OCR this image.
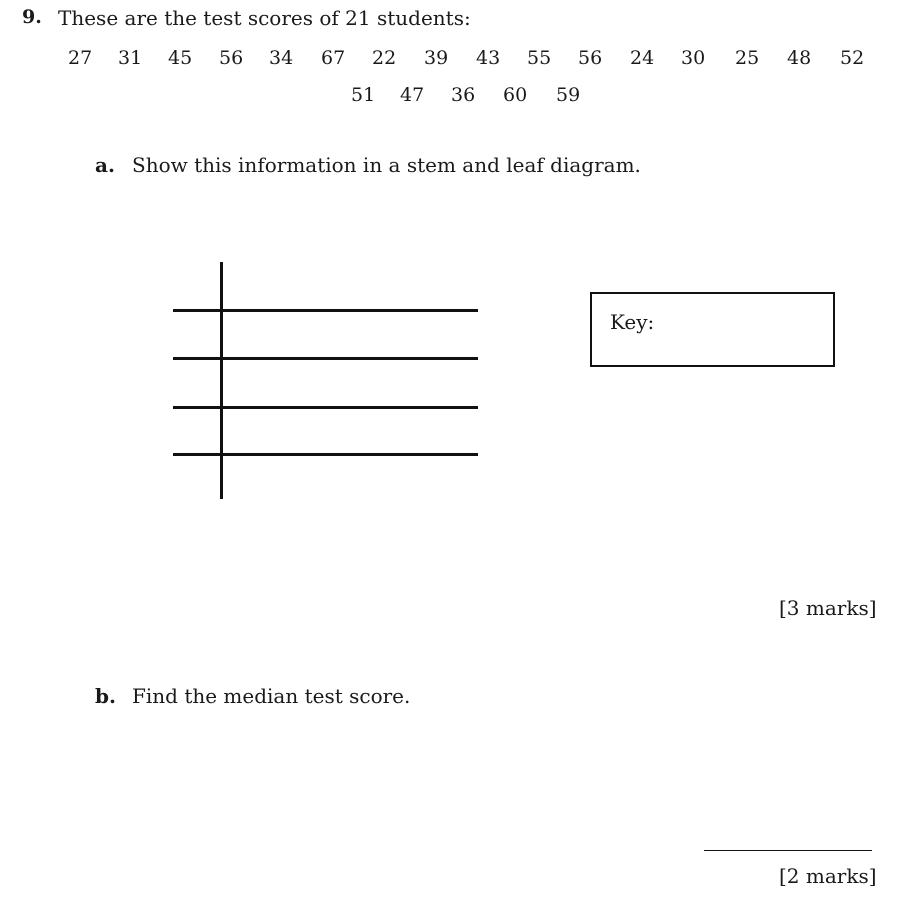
9. These are the test scores of 21 students:
27 31 45 56 34 67 22 39 43 55 56 24 30 25 48 52
51 47 36 60 59
a. Show this information in a stem and leaf diagram.
Key:
[3 marks]
b. Find the median test score.
[2 marks]
